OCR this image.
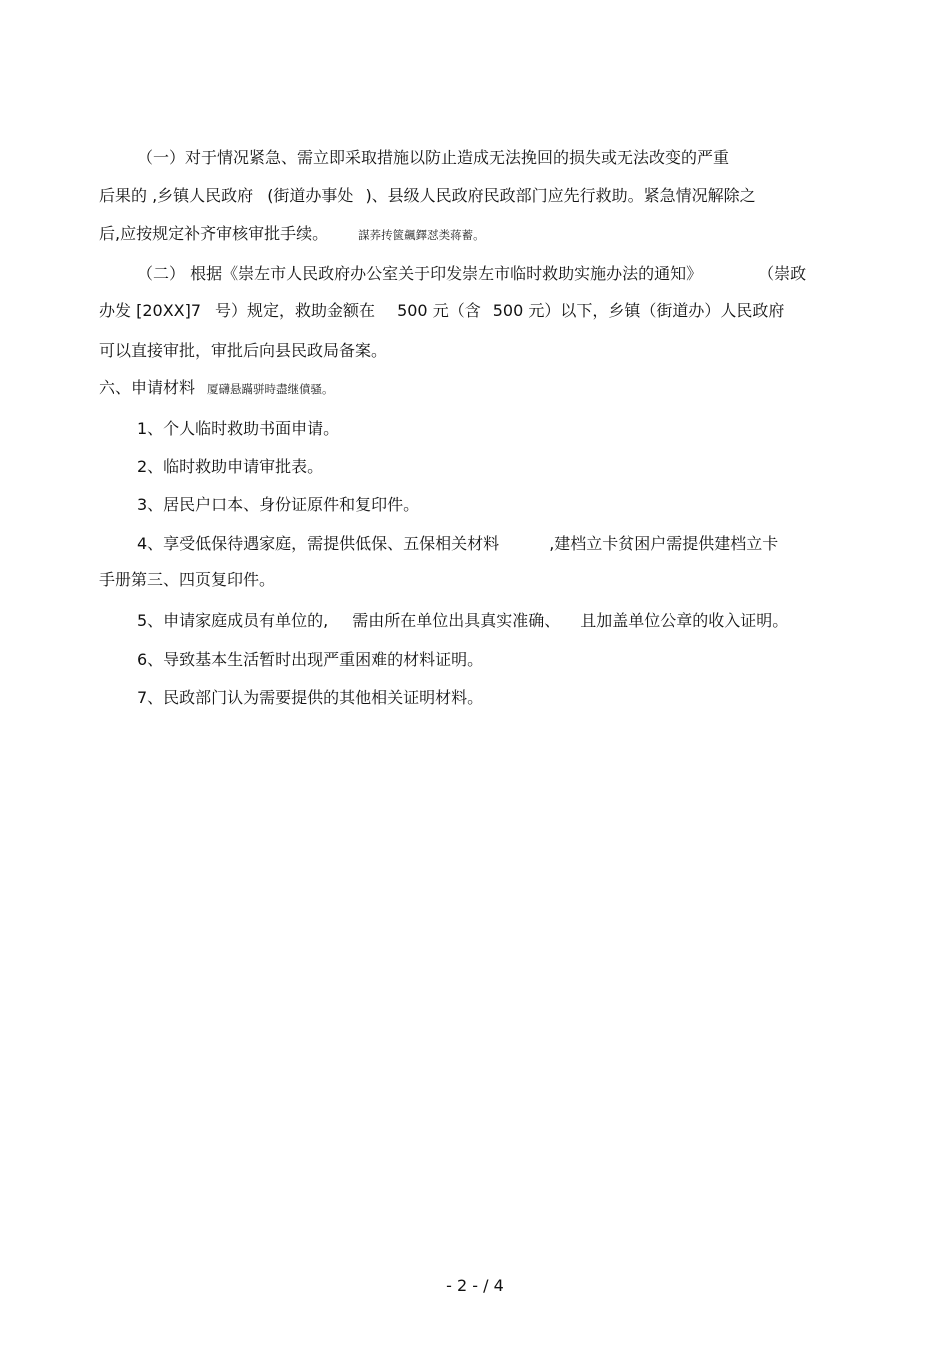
（一）对于情况紧急、需立即采取措施以防止造成无法挽回的损失或无法改变的严重

后果的 ,乡镇人民政府 (街道办事处 )、县级人民政府民政部门应先行救助。紧急情况解除之

后,应按规定补齐审核审批手续。	謀荞抟篋飆鐸怼类蒋蓄。

（二） 根据《崇左市人民政府办公室关于印发崇左市临时救助实施办法的通知》	（崇政

办发 [20XX]7 号）规定，救助金额在 500 元（含 500 元）以下，乡镇（街道办）人民政府

可以直接审批，审批后向县民政局备案。

六、申请材料 厦礴悬蹣骈時盡继僨骚。

1、个人临时救助书面申请。

2、临时救助申请审批表。

3、居民户口本、身份证原件和复印件。

4、享受低保待遇家庭，需提供低保、五保相关材料	,建档立卡贫困户需提供建档立卡

手册第三、四页复印件。

5、申请家庭成员有单位的, 需由所在单位出具真实准确、 且加盖单位公章的收入证明。

6、导致基本生活暂时出现严重困难的材料证明。

7、民政部门认为需要提供的其他相关证明材料。

- 2 - / 4
